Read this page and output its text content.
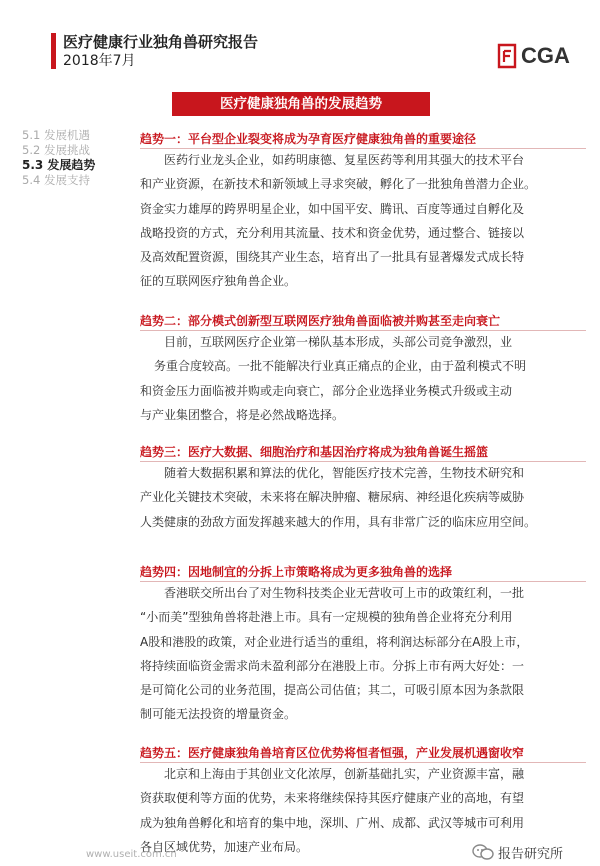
医疗健康行业独角兽研究报告
2018年7月	CGA
医疗健康独角兽的发展趋势
5.1 发展机遇
5.2 发展挑战
5.3 发展趋势
5.4 发展支持
趋势一：平台型企业裂变将成为孕育医疗健康独角兽的重要途径
医药行业龙头企业，如药明康德、复星医药等利用其强大的技术平台
和产业资源，在新技术和新领域上寻求突破，孵化了一批独角兽潜力企业。
资金实力雄厚的跨界明星企业，如中国平安、腾讯、百度等通过自孵化及
战略投资的方式，充分利用其流量、技术和资金优势，通过整合、链接以
及高效配置资源，围绕其产业生态，培育出了一批具有显著爆发式成长特
征的互联网医疗独角兽企业。
趋势二：部分模式创新型互联网医疗独角兽面临被并购甚至走向衰亡
目前，互联网医疗企业第一梯队基本形成，头部公司竞争激烈，业
务重合度较高。一批不能解决行业真正痛点的企业，由于盈利模式不明
和资金压力面临被并购或走向衰亡，部分企业选择业务模式升级或主动
与产业集团整合，将是必然战略选择。
趋势三：医疗大数据、细胞治疗和基因治疗将成为独角兽诞生摇篮
随着大数据积累和算法的优化，智能医疗技术完善，生物技术研究和
产业化关键技术突破，未来将在解决肿瘤、糖尿病、神经退化疾病等威胁
人类健康的劲敌方面发挥越来越大的作用，具有非常广泛的临床应用空间。
趋势四：因地制宜的分拆上市策略将成为更多独角兽的选择
香港联交所出台了对生物科技类企业无营收可上市的政策红利，一批
“小而美”型独角兽将赴港上市。具有一定规模的独角兽企业将充分利用
A股和港股的政策，对企业进行适当的重组，将利润达标部分在A股上市，
将持续面临资金需求尚未盈利部分在港股上市。分拆上市有两大好处：一
是可简化公司的业务范围，提高公司估值；其二，可吸引原本因为条款限
制可能无法投资的增量资金。
趋势五：医疗健康独角兽培育区位优势将恒者恒强，产业发展机遇窗收窄
北京和上海由于其创业文化浓厚，创新基础扎实，产业资源丰富，融
资获取便利等方面的优势，未来将继续保持其医疗健康产业的高地，有望
成为独角兽孵化和培育的集中地，深圳、广州、成都、武汉等城市可利用
各自区域优势，加速产业布局。
www.useit.com.cn	报告研究所
